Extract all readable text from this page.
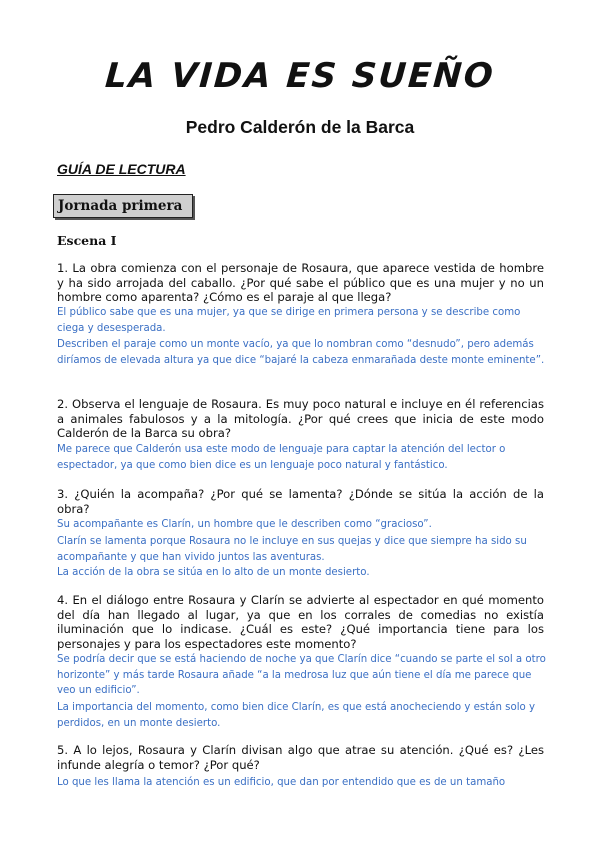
LA VIDA ES SUEÑO
Pedro Calderón de la Barca

GUÍA DE LECTURA

Jornada primera

Escena I

1. La obra comienza con el personaje de Rosaura, que aparece vestida de hombre y ha sido arrojada del caballo. ¿Por qué sabe el público que es una mujer y no un hombre como aparenta? ¿Cómo es el paraje al que llega?

El público sabe que es una mujer, ya que se dirige en primera persona y se describe como ciega y desesperada.

Describen el paraje como un monte vacío, ya que lo nombran como “desnudo”, pero además diríamos de elevada altura ya que dice “bajaré la cabeza enmarañada deste monte eminente”.

2. Observa el lenguaje de Rosaura. Es muy poco natural e incluye en él referencias a animales fabulosos y a la mitología. ¿Por qué crees que inicia de este modo Calderón de la Barca su obra?

Me parece que Calderón usa este modo de lenguaje para captar la atención del lector o espectador, ya que como bien dice es un lenguaje poco natural y fantástico.

3. ¿Quién la acompaña? ¿Por qué se lamenta? ¿Dónde se sitúa la acción de la obra?

Su acompañante es Clarín, un hombre que le describen como “gracioso”.

Clarín se lamenta porque Rosaura no le incluye en sus quejas y dice que siempre ha sido su acompañante y que han vivido juntos las aventuras.

La acción de la obra se sitúa en lo alto de un monte desierto.

4. En el diálogo entre Rosaura y Clarín se advierte al espectador en qué momento del día han llegado al lugar, ya que en los corrales de comedias no existía iluminación que lo indicase. ¿Cuál es este? ¿Qué importancia tiene para los personajes y para los espectadores este momento?

Se podría decir que se está haciendo de noche ya que Clarín dice “cuando se parte el sol a otro horizonte” y más tarde Rosaura añade “a la medrosa luz que aún tiene el día me parece que veo un edificio”.

La importancia del momento, como bien dice Clarín, es que está anocheciendo y están solo y perdidos, en un monte desierto.

5. A lo lejos, Rosaura y Clarín divisan algo que atrae su atención. ¿Qué es? ¿Les infunde alegría o temor? ¿Por qué?

Lo que les llama la atención es un edificio, que dan por entendido que es de un tamaño
